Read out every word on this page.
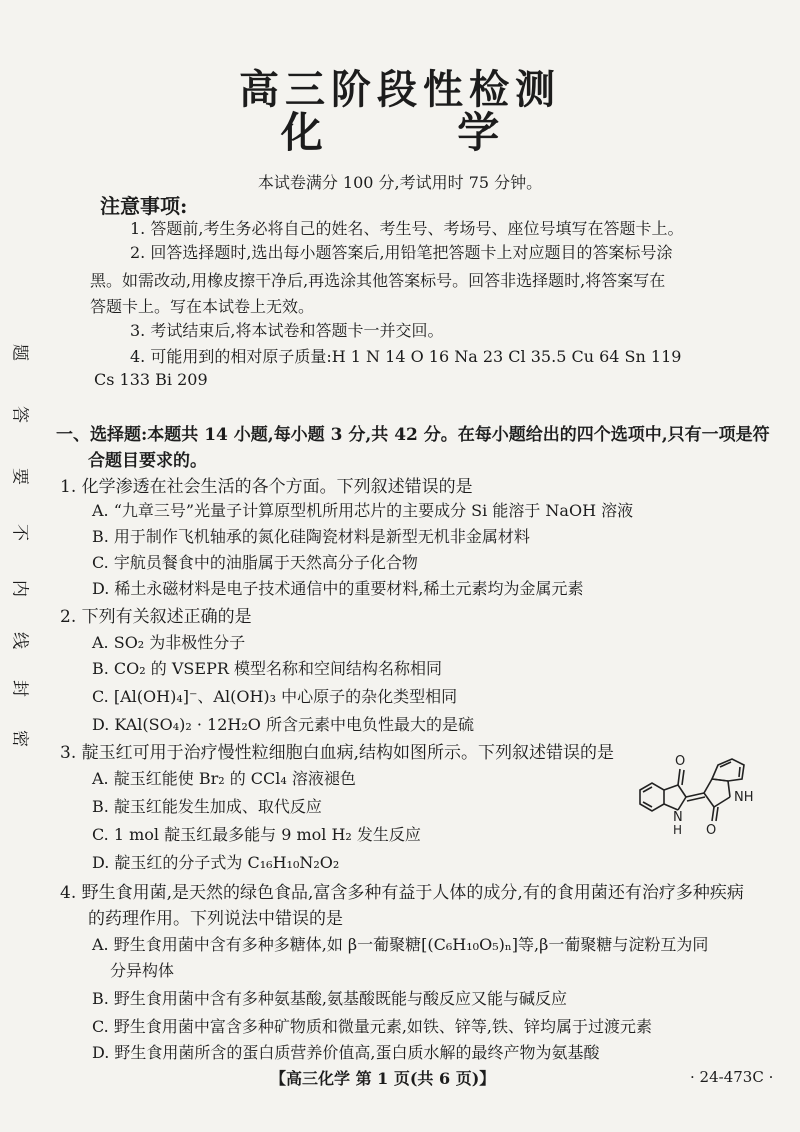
高三阶段性检测
化 学
本试卷满分 100 分,考试用时 75 分钟。
注意事项:
1. 答题前,考生务必将自己的姓名、考生号、考场号、座位号填写在答题卡上。
2. 回答选择题时,选出每小题答案后,用铅笔把答题卡上对应题目的答案标号涂
黑。如需改动,用橡皮擦干净后,再选涂其他答案标号。回答非选择题时,将答案写在
答题卡上。写在本试卷上无效。
3. 考试结束后,将本试卷和答题卡一并交回。
4. 可能用到的相对原子质量:H 1 N 14 O 16 Na 23 Cl 35.5 Cu 64 Sn 119
Cs 133 Bi 209
题
答
要
不
内
线
封
密
一、选择题:本题共 14 小题,每小题 3 分,共 42 分。在每小题给出的四个选项中,只有一项是符
合题目要求的。
1. 化学渗透在社会生活的各个方面。下列叙述错误的是
A. “九章三号”光量子计算原型机所用芯片的主要成分 Si 能溶于 NaOH 溶液
B. 用于制作飞机轴承的氮化硅陶瓷材料是新型无机非金属材料
C. 宇航员餐食中的油脂属于天然高分子化合物
D. 稀土永磁材料是电子技术通信中的重要材料,稀土元素均为金属元素
2. 下列有关叙述正确的是
A. SO₂ 为非极性分子
B. CO₂ 的 VSEPR 模型名称和空间结构名称相同
C. [Al(OH)₄]⁻、Al(OH)₃ 中心原子的杂化类型相同
D. KAl(SO₄)₂ · 12H₂O 所含元素中电负性最大的是硫
3. 靛玉红可用于治疗慢性粒细胞白血病,结构如图所示。下列叙述错误的是
A. 靛玉红能使 Br₂ 的 CCl₄ 溶液褪色
B. 靛玉红能发生加成、取代反应
C. 1 mol 靛玉红最多能与 9 mol H₂ 发生反应
D. 靛玉红的分子式为 C₁₆H₁₀N₂O₂
O
NH
N
H O
4. 野生食用菌,是天然的绿色食品,富含多种有益于人体的成分,有的食用菌还有治疗多种疾病
的药理作用。下列说法中错误的是
A. 野生食用菌中含有多种多糖体,如 β一葡聚糖[(C₆H₁₀O₅)ₙ]等,β一葡聚糖与淀粉互为同
分异构体
B. 野生食用菌中含有多种氨基酸,氨基酸既能与酸反应又能与碱反应
C. 野生食用菌中富含多种矿物质和微量元素,如铁、锌等,铁、锌均属于过渡元素
D. 野生食用菌所含的蛋白质营养价值高,蛋白质水解的最终产物为氨基酸
【高三化学 第 1 页(共 6 页)】	· 24-473C ·
